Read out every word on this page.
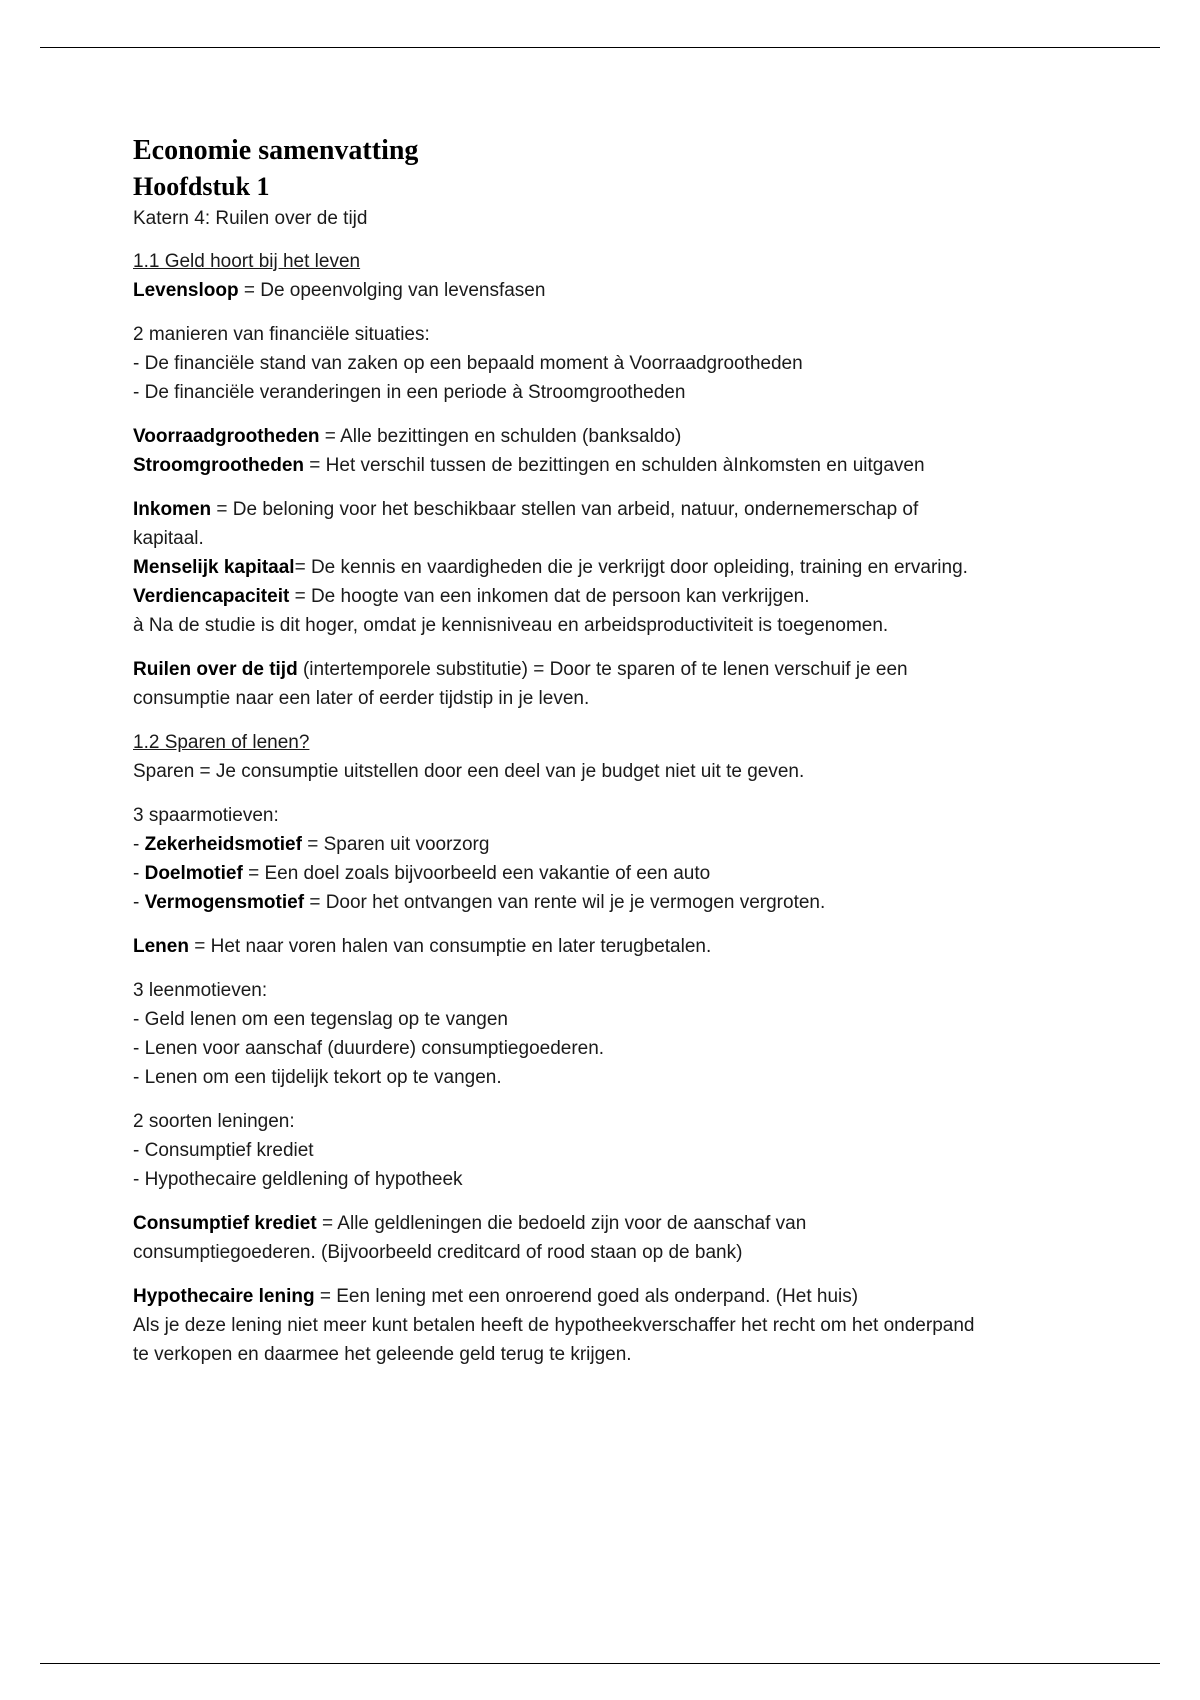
Economie samenvatting
Hoofdstuk 1
Katern 4: Ruilen over de tijd
1.1 Geld hoort bij het leven
Levensloop = De opeenvolging van levensfasen
2 manieren van financiële situaties:
- De financiële stand van zaken op een bepaald moment à Voorraadgrootheden
- De financiële veranderingen in een periode à Stroomgrootheden
Voorraadgrootheden = Alle bezittingen en schulden (banksaldo)
Stroomgrootheden = Het verschil tussen de bezittingen en schulden àInkomsten en uitgaven
Inkomen = De beloning voor het beschikbaar stellen van arbeid, natuur, ondernemerschap of kapitaal.
Menselijk kapitaal= De kennis en vaardigheden die je verkrijgt door opleiding, training en ervaring.
Verdiencapaciteit = De hoogte van een inkomen dat de persoon kan verkrijgen.
à Na de studie is dit hoger, omdat je kennisniveau en arbeidsproductiviteit is toegenomen.
Ruilen over de tijd (intertemporele substitutie) = Door te sparen of te lenen verschuif je een consumptie naar een later of eerder tijdstip in je leven.
1.2 Sparen of lenen?
Sparen = Je consumptie uitstellen door een deel van je budget niet uit te geven.
3 spaarmotieven:
- Zekerheidsmotief = Sparen uit voorzorg
- Doelmotief = Een doel zoals bijvoorbeeld een vakantie of een auto
- Vermogensmotief = Door het ontvangen van rente wil je je vermogen vergroten.
Lenen = Het naar voren halen van consumptie en later terugbetalen.
3 leenmotieven:
- Geld lenen om een tegenslag op te vangen
- Lenen voor aanschaf (duurdere) consumptiegoederen.
- Lenen om een tijdelijk tekort op te vangen.
2 soorten leningen:
- Consumptief krediet
- Hypothecaire geldlening of hypotheek
Consumptief krediet = Alle geldleningen die bedoeld zijn voor de aanschaf van consumptiegoederen. (Bijvoorbeeld creditcard of rood staan op de bank)
Hypothecaire lening = Een lening met een onroerend goed als onderpand. (Het huis)
Als je deze lening niet meer kunt betalen heeft de hypotheekverschaffer het recht om het onderpand te verkopen en daarmee het geleende geld terug te krijgen.
